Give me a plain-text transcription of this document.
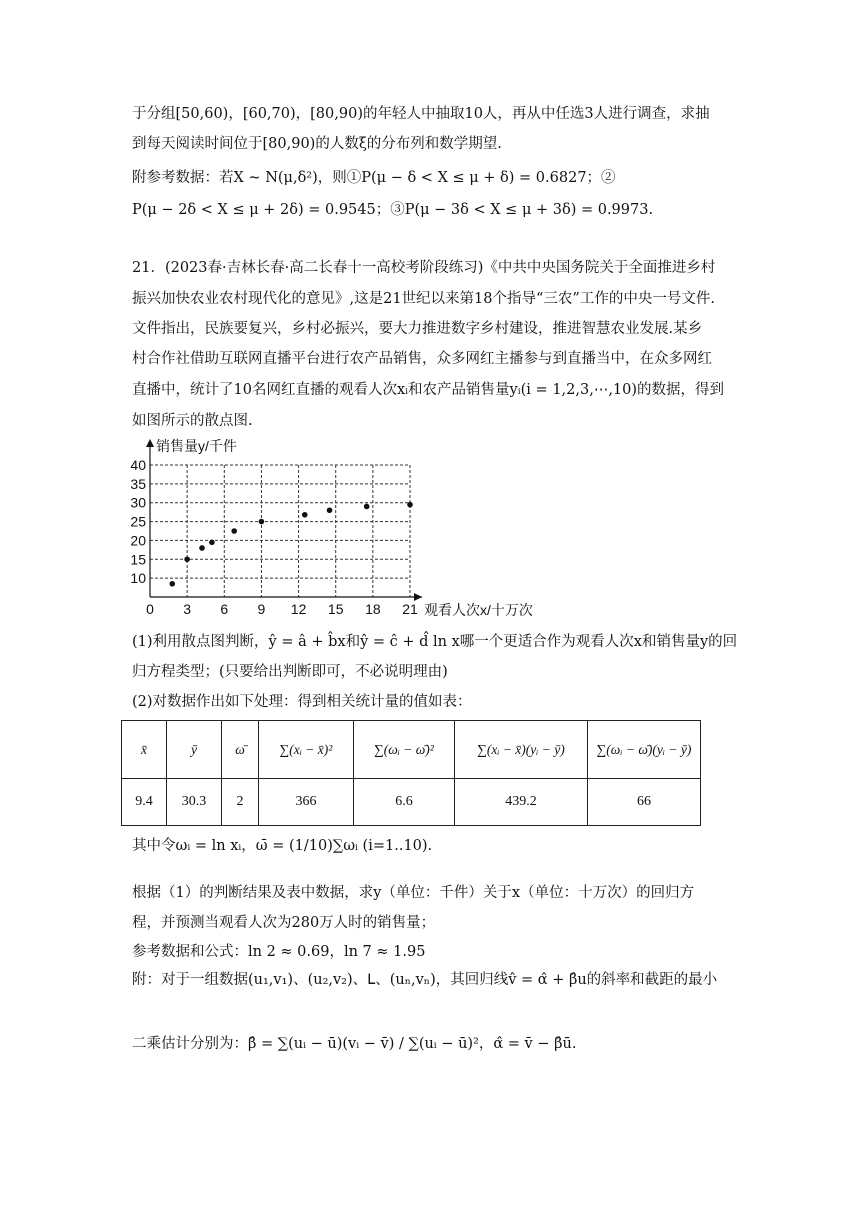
于分组[50,60)，[60,70)，[80,90)的年轻人中抽取10人，再从中任选3人进行调查，求抽
到每天阅读时间位于[80,90)的人数ξ的分布列和数学期望.
附参考数据：若X ~ N(μ,δ²)，则①P(μ − δ < X ≤ μ + δ) = 0.6827；②
P(μ − 2δ < X ≤ μ + 2δ) = 0.9545；③P(μ − 3δ < X ≤ μ + 3δ) = 0.9973.
21．(2023春·吉林长春·高二长春十一高校考阶段练习)《中共中央国务院关于全面推进乡村
振兴加快农业农村现代化的意见》,这是21世纪以来第18个指导“三农”工作的中央一号文件.
文件指出，民族要复兴，乡村必振兴，要大力推进数字乡村建设，推进智慧农业发展.某乡
村合作社借助互联网直播平台进行农产品销售，众多网红主播参与到直播当中，在众多网红
直播中，统计了10名网红直播的观看人次xᵢ和农产品销售量yᵢ(i = 1,2,3,⋯,10)的数据，得到
如图所示的散点图.
销售量y/千件
观看人次x/十万次
0 3 6 9 12 15 18 21
10
15
20
25
30
35
40
(1)利用散点图判断，ŷ = â + b̂x和ŷ = ĉ + d̂ ln x哪一个更适合作为观看人次x和销售量y的回
归方程类型；(只要给出判断即可，不必说明理由)
(2)对数据作出如下处理：得到相关统计量的值如表：
x̄	ȳ	ω̄	∑(xᵢ − x̄)²	∑(ωᵢ − ω̄)²	∑(xᵢ − x̄)(yᵢ − ȳ)	∑(ωᵢ − ω̄)(yᵢ − ȳ)
9.4	30.3	2	366	6.6	439.2	66
其中令ωᵢ = ln xᵢ，ω̄ = (1/10)∑ωᵢ (i=1..10).
根据（1）的判断结果及表中数据，求y（单位：千件）关于x（单位：十万次）的回归方
程，并预测当观看人次为280万人时的销售量；
参考数据和公式：ln 2 ≈ 0.69，ln 7 ≈ 1.95
附：对于一组数据(u₁,v₁)、(u₂,v₂)、ᒪ、(uₙ,vₙ)，其回归线v̂ = α̂ + β̂u的斜率和截距的最小
二乘估计分别为：β̂ = ∑(uᵢ − ū)(vᵢ − v̄) / ∑(uᵢ − ū)²，α̂ = v̄ − β̂ū.
